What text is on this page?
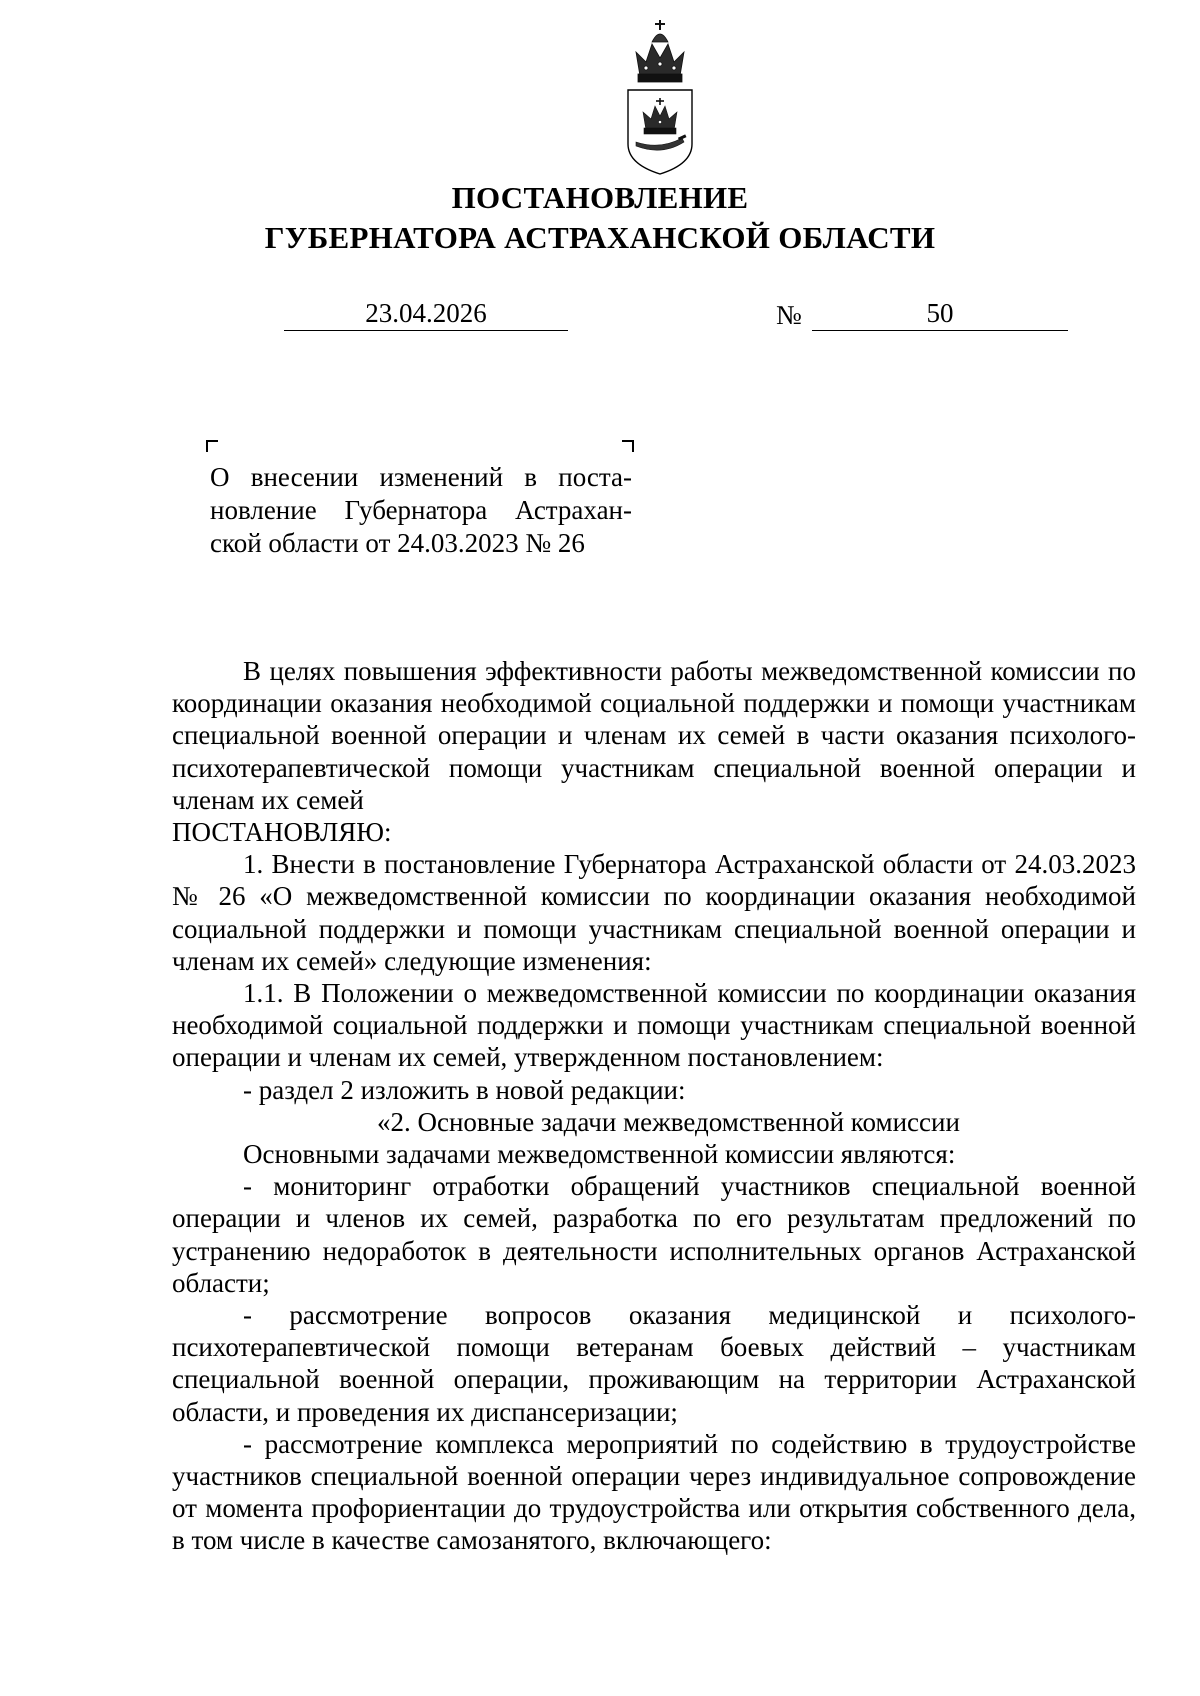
ПОСТАНОВЛЕНИЕ
ГУБЕРНАТОРА АСТРАХАНСКОЙ ОБЛАСТИ
23.04.2026	№	50
О внесении изменений в поста-
новление Губернатора Астрахан-
ской области от 24.03.2023 № 26

В целях повышения эффективности работы межведомственной комиссии по координации оказания необходимой социальной поддержки и помощи участникам специальной военной операции и членам их семей в части оказания психолого-психотерапевтической помощи участникам специальной военной операции и членам их семей

ПОСТАНОВЛЯЮ:

1. Внести в постановление Губернатора Астраханской области от 24.03.2023 № 26 «О межведомственной комиссии по координации оказания необходимой социальной поддержки и помощи участникам специальной военной операции и членам их семей» следующие изменения:

1.1. В Положении о межведомственной комиссии по координации оказания необходимой социальной поддержки и помощи участникам специальной военной операции и членам их семей, утвержденном постановлением:

- раздел 2 изложить в новой редакции:

«2. Основные задачи межведомственной комиссии

Основными задачами межведомственной комиссии являются:

- мониторинг отработки обращений участников специальной военной операции и членов их семей, разработка по его результатам предложений по устранению недоработок в деятельности исполнительных органов Астраханской области;

- рассмотрение вопросов оказания медицинской и психолого-психотерапевтической помощи ветеранам боевых действий – участникам специальной военной операции, проживающим на территории Астраханской области, и проведения их диспансеризации;

- рассмотрение комплекса мероприятий по содействию в трудоустройстве участников специальной военной операции через индивидуальное сопровождение от момента профориентации до трудоустройства или открытия собственного дела, в том числе в качестве самозанятого, включающего:
